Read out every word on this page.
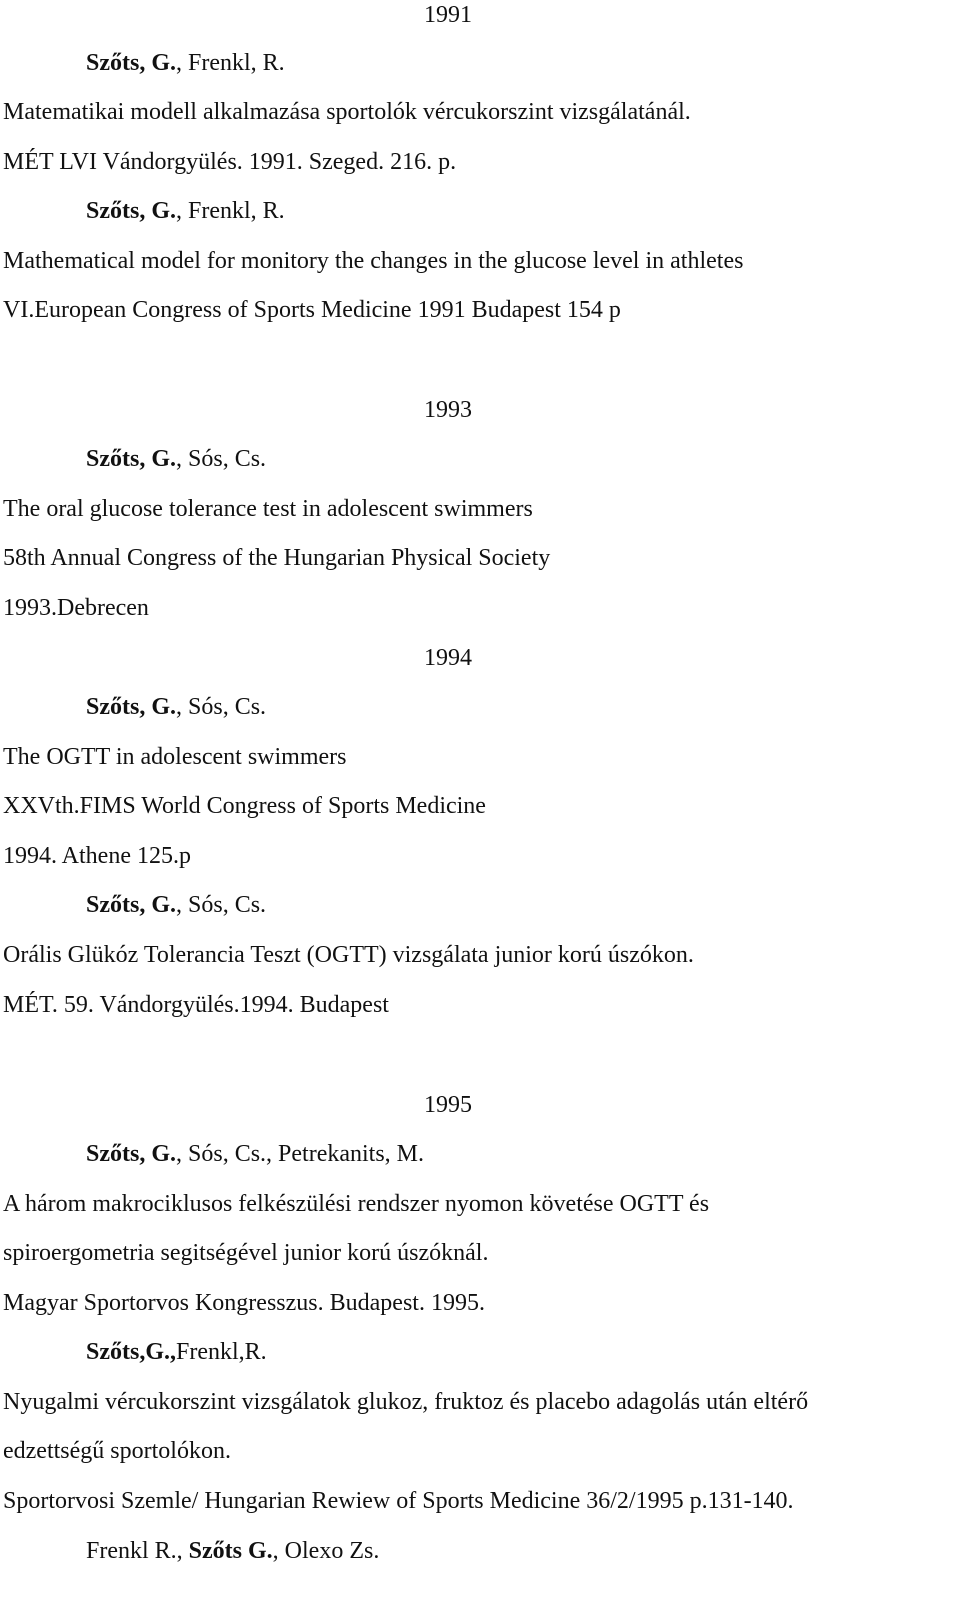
1991
Szőts, G., Frenkl, R.
Matematikai modell alkalmazása sportolók vércukorszint vizsgálatánál.
MÉT LVI Vándorgyülés. 1991. Szeged. 216. p.
Szőts, G., Frenkl, R.
Mathematical model for monitory the changes in the glucose level in athletes
VI.European Congress of Sports Medicine 1991 Budapest 154 p
1993
Szőts, G., Sós, Cs.
The oral glucose tolerance test in adolescent swimmers
58th Annual Congress of the Hungarian Physical Society
1993.Debrecen
1994
Szőts, G., Sós, Cs.
The OGTT in adolescent swimmers
XXVth.FIMS World Congress of Sports Medicine
1994. Athene 125.p
Szőts, G., Sós, Cs.
Orális Glükóz Tolerancia Teszt (OGTT) vizsgálata junior korú úszókon.
MÉT. 59. Vándorgyülés.1994. Budapest
1995
Szőts, G., Sós, Cs., Petrekanits, M.
A három makrociklusos felkészülési rendszer nyomon követése OGTT és
spiroergometria segitségével junior korú úszóknál.
Magyar Sportorvos Kongresszus. Budapest. 1995.
Szőts,G.,Frenkl,R.
Nyugalmi vércukorszint vizsgálatok glukoz, fruktoz és placebo adagolás után eltérő
edzettségű sportolókon.
Sportorvosi Szemle/ Hungarian Rewiew of Sports Medicine 36/2/1995 p.131-140.
Frenkl R., Szőts G., Olexo Zs.
